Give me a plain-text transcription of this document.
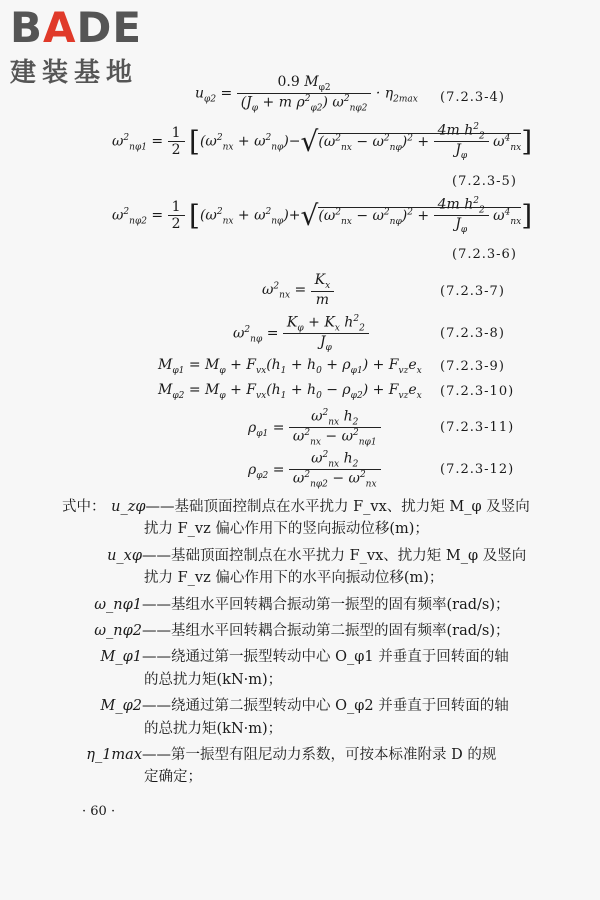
BADE
建装基地
$u_{\varphi 2} = \frac{0.9 M_{\varphi 2}}{(J_\varphi + m \rho^2_{\varphi 2}) \omega^2_{n\varphi 2}} \cdot \eta_{2max}$ (7.2.3-4)
$\omega^2_{n\varphi 1} = \frac{1}{2} [(\omega^2_{nx} + \omega^2_{n\varphi})-√(\omega^2_{nx} - \omega^2_{n\varphi})^2 + \frac{4m h^2_2}{J_\varphi} \omega^4_{nx}]$
(7.2.3-5)
$\omega^2_{n\varphi 2} = \frac{1}{2} [(\omega^2_{nx} + \omega^2_{n\varphi})+√(\omega^2_{nx} - \omega^2_{n\varphi})^2 + \frac{4m h^2_2}{J_\varphi} \omega^4_{nx}]$
(7.2.3-6)
$\omega^2_{nx} = \frac{K_x}{m}$	(7.2.3-7)
$\omega^2_{n\varphi} = \frac{K_\varphi + K_x h^2_2}{J_\varphi}$	(7.2.3-8)
$M_{\varphi 1} = M_\varphi + F_{vx}(h_1 + h_0 + \rho_{\varphi 1}) + F_{vz}e_x$ (7.2.3-9)
$M_{\varphi 2} = M_\varphi + F_{vx}(h_1 + h_0 - \rho_{\varphi 2}) + F_{vz}e_x$ (7.2.3-10)
$\rho_{\varphi 1} = \frac{\omega^2_{nx} h_2}{\omega^2_{nx} - \omega^2_{n\varphi 1}}$	(7.2.3-11)
$\rho_{\varphi 2} = \frac{\omega^2_{nx} h_2}{\omega^2_{n\varphi 2} - \omega^2_{nx}}$	(7.2.3-12)
式中： u_zφ——基础顶面控制点在水平扰力 F_vx、扰力矩 M_φ 及竖向
扰力 F_vz 偏心作用下的竖向振动位移(m)；
u_xφ——基础顶面控制点在水平扰力 F_vx、扰力矩 M_φ 及竖向
扰力 F_vz 偏心作用下的水平向振动位移(m)；
ω_nφ1——基组水平回转耦合振动第一振型的固有频率(rad/s)；
ω_nφ2——基组水平回转耦合振动第二振型的固有频率(rad/s)；
M_φ1——绕通过第一振型转动中心 O_φ1 并垂直于回转面的轴
的总扰力矩(kN·m)；
M_φ2——绕通过第二振型转动中心 O_φ2 并垂直于回转面的轴
的总扰力矩(kN·m)；
η_1max——第一振型有阻尼动力系数，可按本标准附录 D 的规
定确定；
· 60 ·
